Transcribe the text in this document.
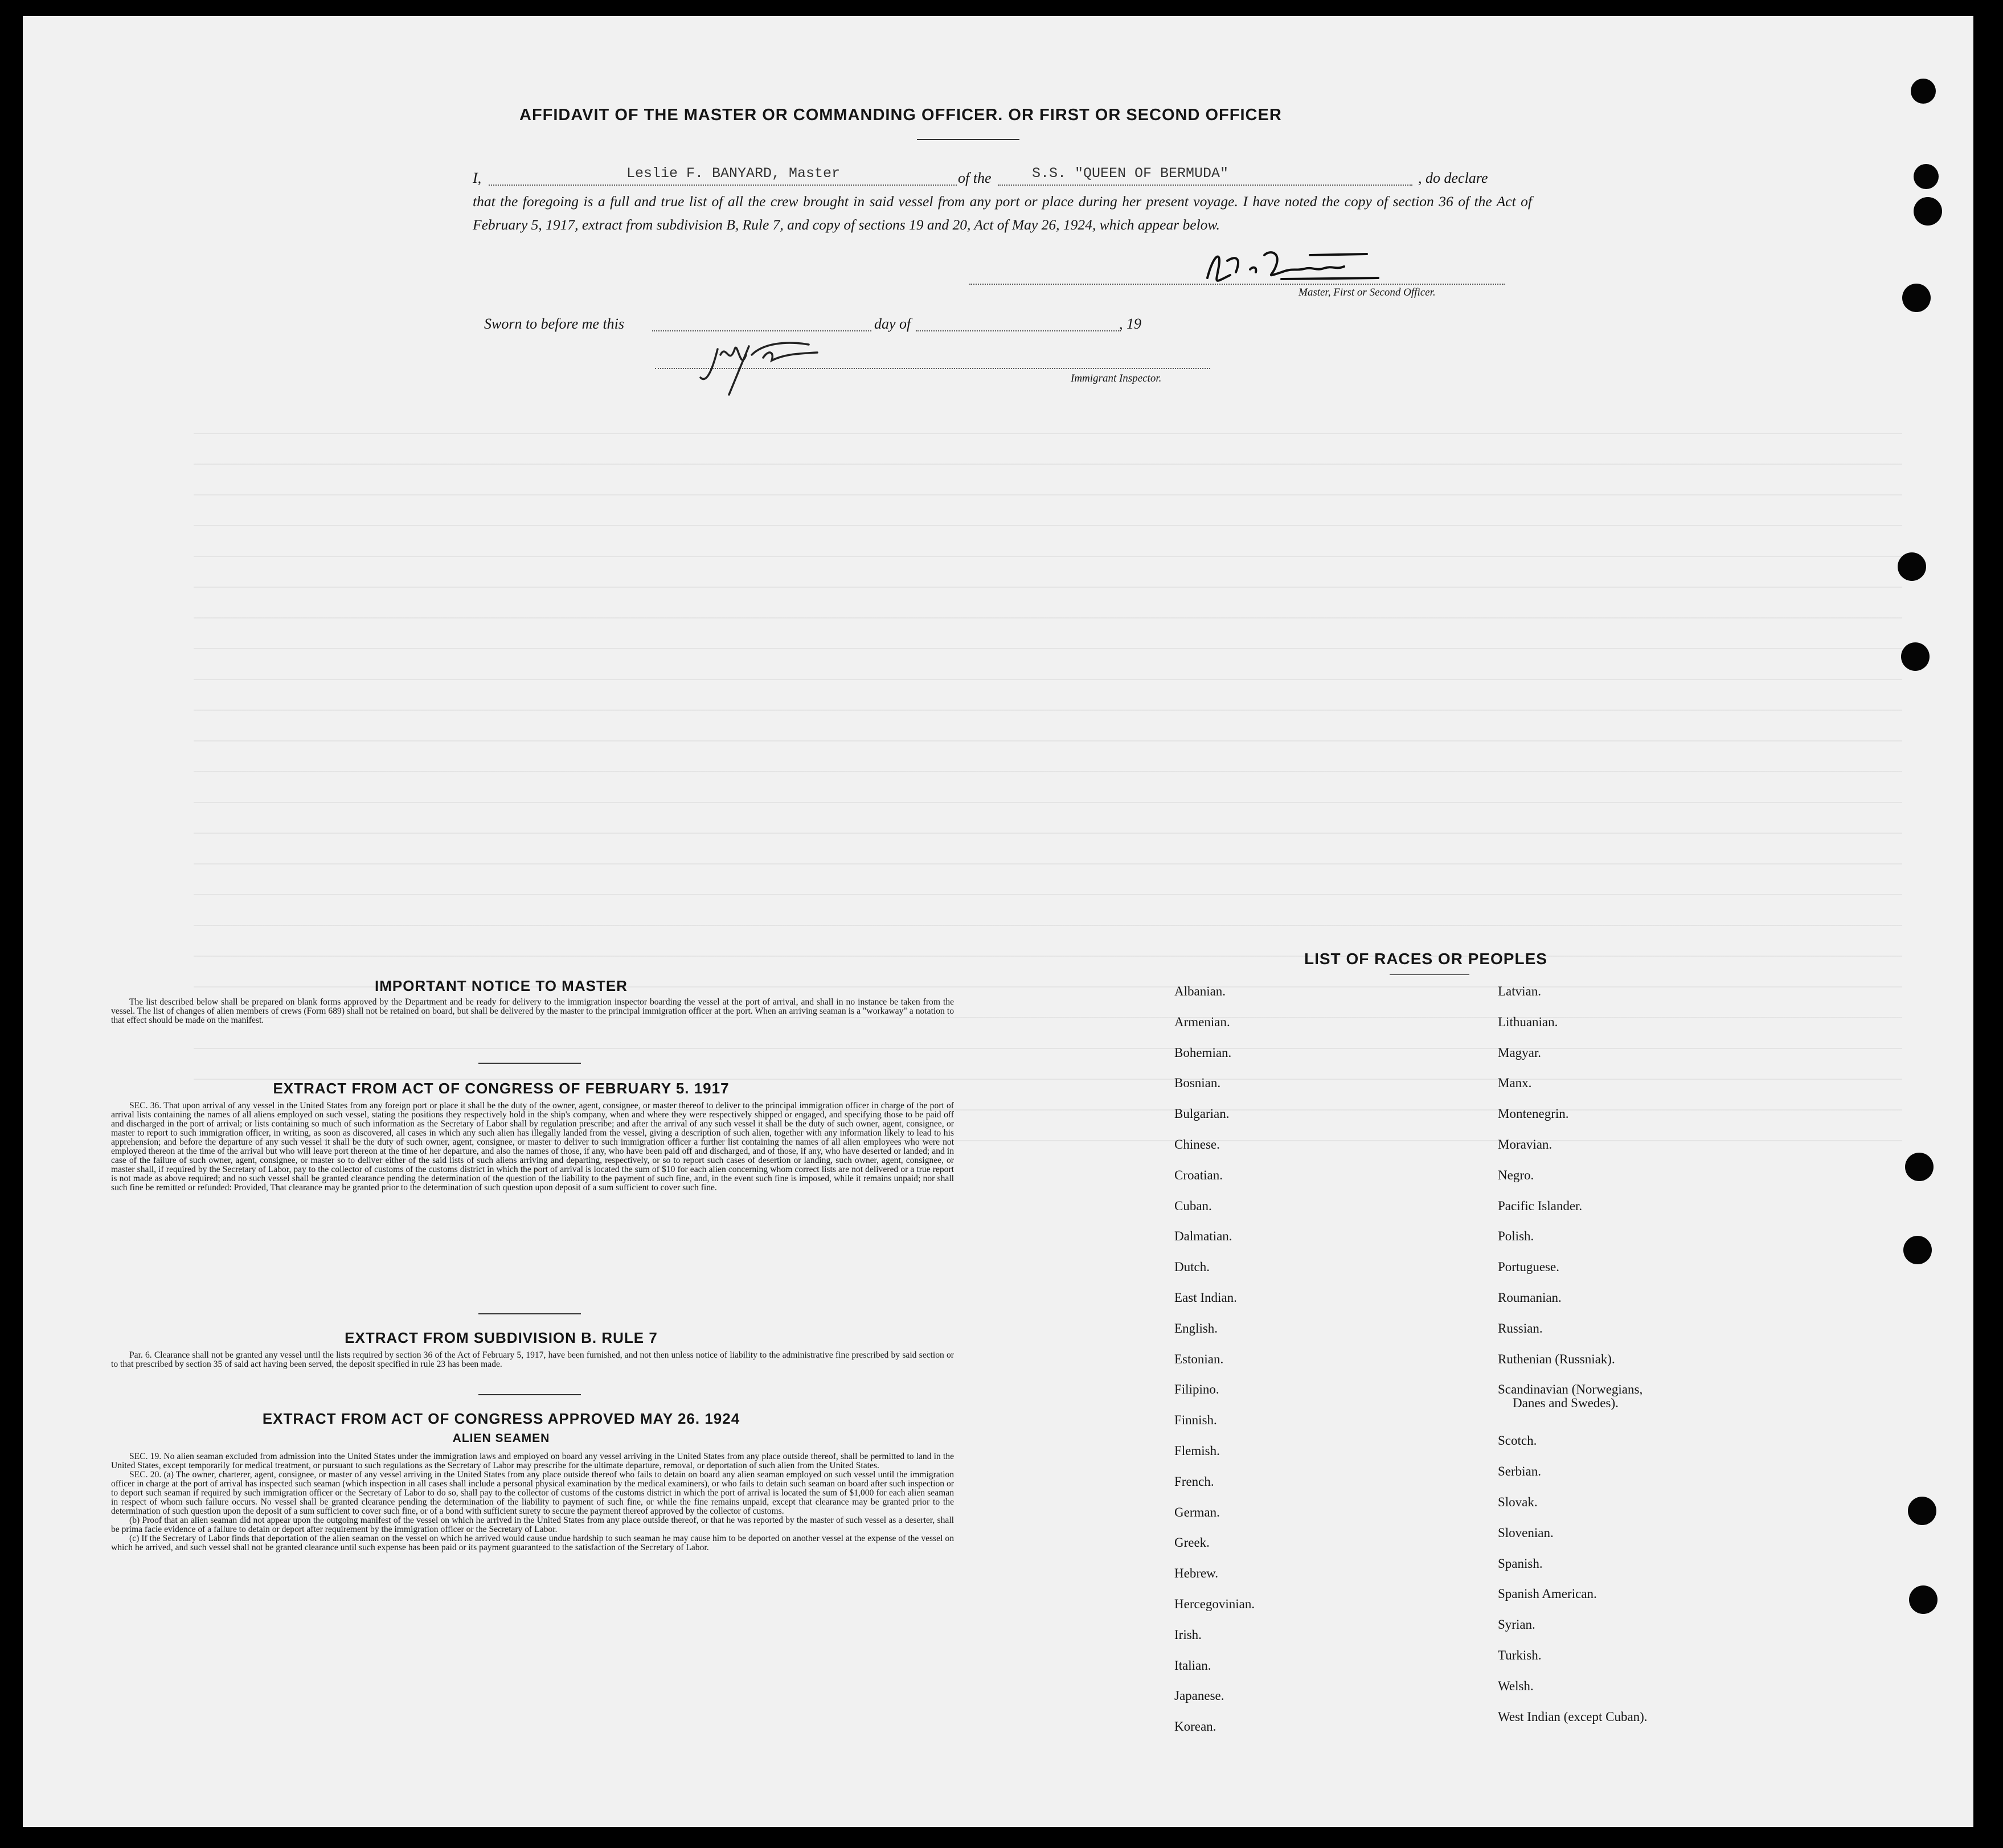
AFFIDAVIT OF THE MASTER OR COMMANDING OFFICER. OR FIRST OR SECOND OFFICER
I,	Leslie F. BANYARD, Master	of the	S.S. "QUEEN OF BERMUDA"	, do declare
that the foregoing is a full and true list of all the crew brought in said vessel from any port or place during her present voyage. I have noted the copy of section 36 of the Act of February 5, 1917, extract from subdivision B, Rule 7, and copy of sections 19 and 20, Act of May 26, 1924, which appear below.
Master, First or Second Officer.
Sworn to before me this	day of	, 19
Immigrant Inspector.
IMPORTANT NOTICE TO MASTER

The list described below shall be prepared on blank forms approved by the Department and be ready for delivery to the immigration inspector boarding the vessel at the port of arrival, and shall in no instance be taken from the vessel. The list of changes of alien members of crews (Form 689) shall not be retained on board, but shall be delivered by the master to the principal immigration officer at the port. When an arriving seaman is a "workaway" a notation to that effect should be made on the manifest.

EXTRACT FROM ACT OF CONGRESS OF FEBRUARY 5. 1917

SEC. 36. That upon arrival of any vessel in the United States from any foreign port or place it shall be the duty of the owner, agent, consignee, or master thereof to deliver to the principal immigration officer in charge of the port of arrival lists containing the names of all aliens employed on such vessel, stating the positions they respectively hold in the ship's company, when and where they were respectively shipped or engaged, and specifying those to be paid off and discharged in the port of arrival; or lists containing so much of such information as the Secretary of Labor shall by regulation prescribe; and after the arrival of any such vessel it shall be the duty of such owner, agent, consignee, or master to report to such immigration officer, in writing, as soon as discovered, all cases in which any such alien has illegally landed from the vessel, giving a description of such alien, together with any information likely to lead to his apprehension; and before the departure of any such vessel it shall be the duty of such owner, agent, consignee, or master to deliver to such immigration officer a further list containing the names of all alien employees who were not employed thereon at the time of the arrival but who will leave port thereon at the time of her departure, and also the names of those, if any, who have been paid off and discharged, and of those, if any, who have deserted or landed; and in case of the failure of such owner, agent, consignee, or master so to deliver either of the said lists of such aliens arriving and departing, respectively, or so to report such cases of desertion or landing, such owner, agent, consignee, or master shall, if required by the Secretary of Labor, pay to the collector of customs of the customs district in which the port of arrival is located the sum of $10 for each alien concerning whom correct lists are not delivered or a true report is not made as above required; and no such vessel shall be granted clearance pending the determination of the question of the liability to the payment of such fine, and, in the event such fine is imposed, while it remains unpaid; nor shall such fine be remitted or refunded: Provided, That clearance may be granted prior to the determination of such question upon deposit of a sum sufficient to cover such fine.

EXTRACT FROM SUBDIVISION B. RULE 7

Par. 6. Clearance shall not be granted any vessel until the lists required by section 36 of the Act of February 5, 1917, have been furnished, and not then unless notice of liability to the administrative fine prescribed by said section or to that prescribed by section 35 of said act having been served, the deposit specified in rule 23 has been made.

EXTRACT FROM ACT OF CONGRESS APPROVED MAY 26. 1924
ALIEN SEAMEN

SEC. 19. No alien seaman excluded from admission into the United States under the immigration laws and employed on board any vessel arriving in the United States from any place outside thereof, shall be permitted to land in the United States, except temporarily for medical treatment, or pursuant to such regulations as the Secretary of Labor may prescribe for the ultimate departure, removal, or deportation of such alien from the United States.

SEC. 20. (a) The owner, charterer, agent, consignee, or master of any vessel arriving in the United States from any place outside thereof who fails to detain on board any alien seaman employed on such vessel until the immigration officer in charge at the port of arrival has inspected such seaman (which inspection in all cases shall include a personal physical examination by the medical examiners), or who fails to detain such seaman on board after such inspection or to deport such seaman if required by such immigration officer or the Secretary of Labor to do so, shall pay to the collector of customs of the customs district in which the port of arrival is located the sum of $1,000 for each alien seaman in respect of whom such failure occurs. No vessel shall be granted clearance pending the determination of the liability to payment of such fine, or while the fine remains unpaid, except that clearance may be granted prior to the determination of such question upon the deposit of a sum sufficient to cover such fine, or of a bond with sufficient surety to secure the payment thereof approved by the collector of customs.

(b) Proof that an alien seaman did not appear upon the outgoing manifest of the vessel on which he arrived in the United States from any place outside thereof, or that he was reported by the master of such vessel as a deserter, shall be prima facie evidence of a failure to detain or deport after requirement by the immigration officer or the Secretary of Labor.

(c) If the Secretary of Labor finds that deportation of the alien seaman on the vessel on which he arrived would cause undue hardship to such seaman he may cause him to be deported on another vessel at the expense of the vessel on which he arrived, and such vessel shall not be granted clearance until such expense has been paid or its payment guaranteed to the satisfaction of the Secretary of Labor.

LIST OF RACES OR PEOPLES
Albanian.
Armenian.
Bohemian.
Bosnian.
Bulgarian.
Chinese.
Croatian.
Cuban.
Dalmatian.
Dutch.
East Indian.
English.
Estonian.
Filipino.
Finnish.
Flemish.
French.
German.
Greek.
Hebrew.
Hercegovinian.
Irish.
Italian.
Japanese.
Korean.
Latvian.
Lithuanian.
Magyar.
Manx.
Montenegrin.
Moravian.
Negro.
Pacific Islander.
Polish.
Portuguese.
Roumanian.
Russian.
Ruthenian (Russniak).
Scandinavian (Norwegians,
Danes and Swedes).
Scotch.
Serbian.
Slovak.
Slovenian.
Spanish.
Spanish American.
Syrian.
Turkish.
Welsh.
West Indian (except Cuban).
